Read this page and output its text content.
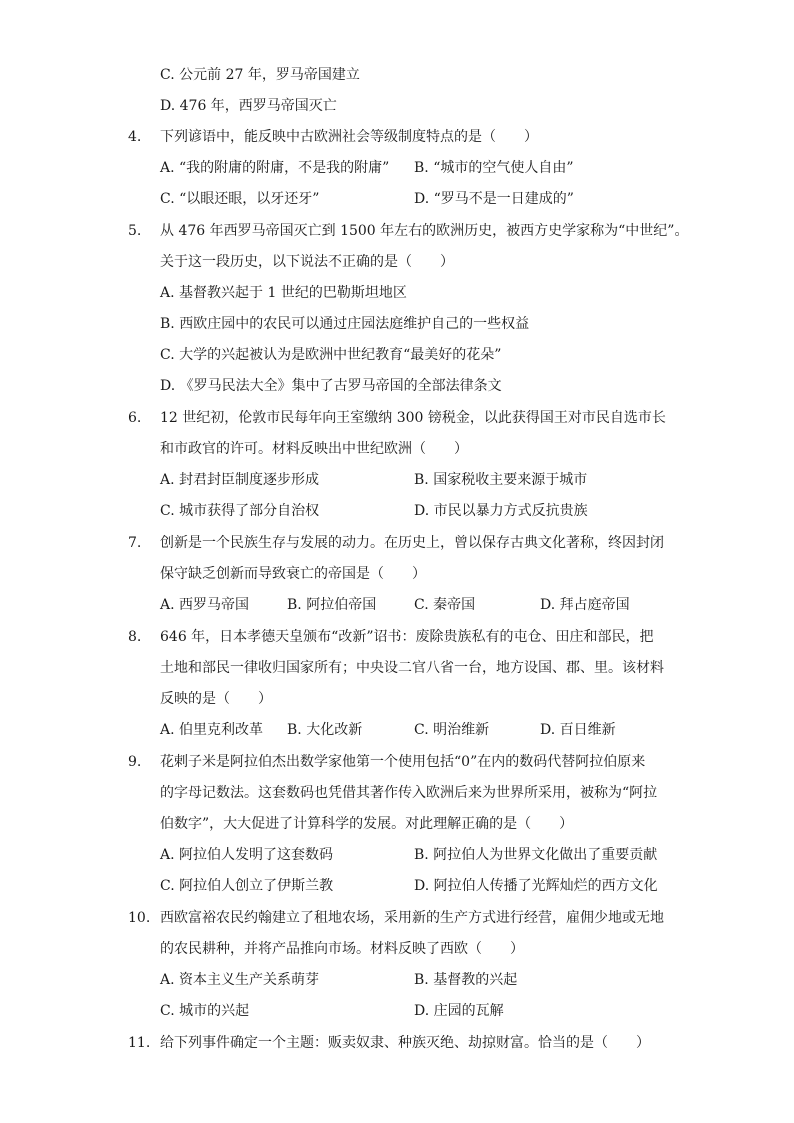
C. 公元前 27 年，罗马帝国建立
D. 476 年，西罗马帝国灭亡
4.	下列谚语中，能反映中古欧洲社会等级制度特点的是（　　）
A. “我的附庸的附庸，不是我的附庸” B. “城市的空气使人自由”
C. “以眼还眼，以牙还牙”	D. “罗马不是一日建成的”
5.	从 476 年西罗马帝国灭亡到 1500 年左右的欧洲历史，被西方史学家称为“中世纪”。
关于这一段历史，以下说法不正确的是（　　）
A. 基督教兴起于 1 世纪的巴勒斯坦地区
B. 西欧庄园中的农民可以通过庄园法庭维护自己的一些权益
C. 大学的兴起被认为是欧洲中世纪教育“最美好的花朵”
D. 《罗马民法大全》集中了古罗马帝国的全部法律条文
6.	12 世纪初，伦敦市民每年向王室缴纳 300 镑税金，以此获得国王对市民自选市长
和市政官的许可。材料反映出中世纪欧洲（　　）
A. 封君封臣制度逐步形成	B. 国家税收主要来源于城市
C. 城市获得了部分自治权	D. 市民以暴力方式反抗贵族
7.	创新是一个民族生存与发展的动力。在历史上，曾以保存古典文化著称，终因封闭
保守缺乏创新而导致衰亡的帝国是（　　）
A. 西罗马帝国	B. 阿拉伯帝国	C. 秦帝国	D. 拜占庭帝国
8.	646 年，日本孝德天皇颁布“改新”诏书：废除贵族私有的屯仓、田庄和部民，把
土地和部民一律收归国家所有；中央设二官八省一台，地方设国、郡、里。该材料
反映的是（　　）
A. 伯里克利改革 B. 大化改新	C. 明治维新	D. 百日维新
9.	花剌子米是阿拉伯杰出数学家他第一个使用包括“0”在内的数码代替阿拉伯原来
的字母记数法。这套数码也凭借其著作传入欧洲后来为世界所采用，被称为“阿拉
伯数字”，大大促进了计算科学的发展。对此理解正确的是（　　）
A. 阿拉伯人发明了这套数码	B. 阿拉伯人为世界文化做出了重要贡献
C. 阿拉伯人创立了伊斯兰教	D. 阿拉伯人传播了光辉灿烂的西方文化
10. 西欧富裕农民约翰建立了租地农场，采用新的生产方式进行经营，雇佣少地或无地
的农民耕种，并将产品推向市场。材料反映了西欧（　　）
A. 资本主义生产关系萌芽	B. 基督教的兴起
C. 城市的兴起	D. 庄园的瓦解
11. 给下列事件确定一个主题：贩卖奴隶、种族灭绝、劫掠财富。恰当的是（　　）
